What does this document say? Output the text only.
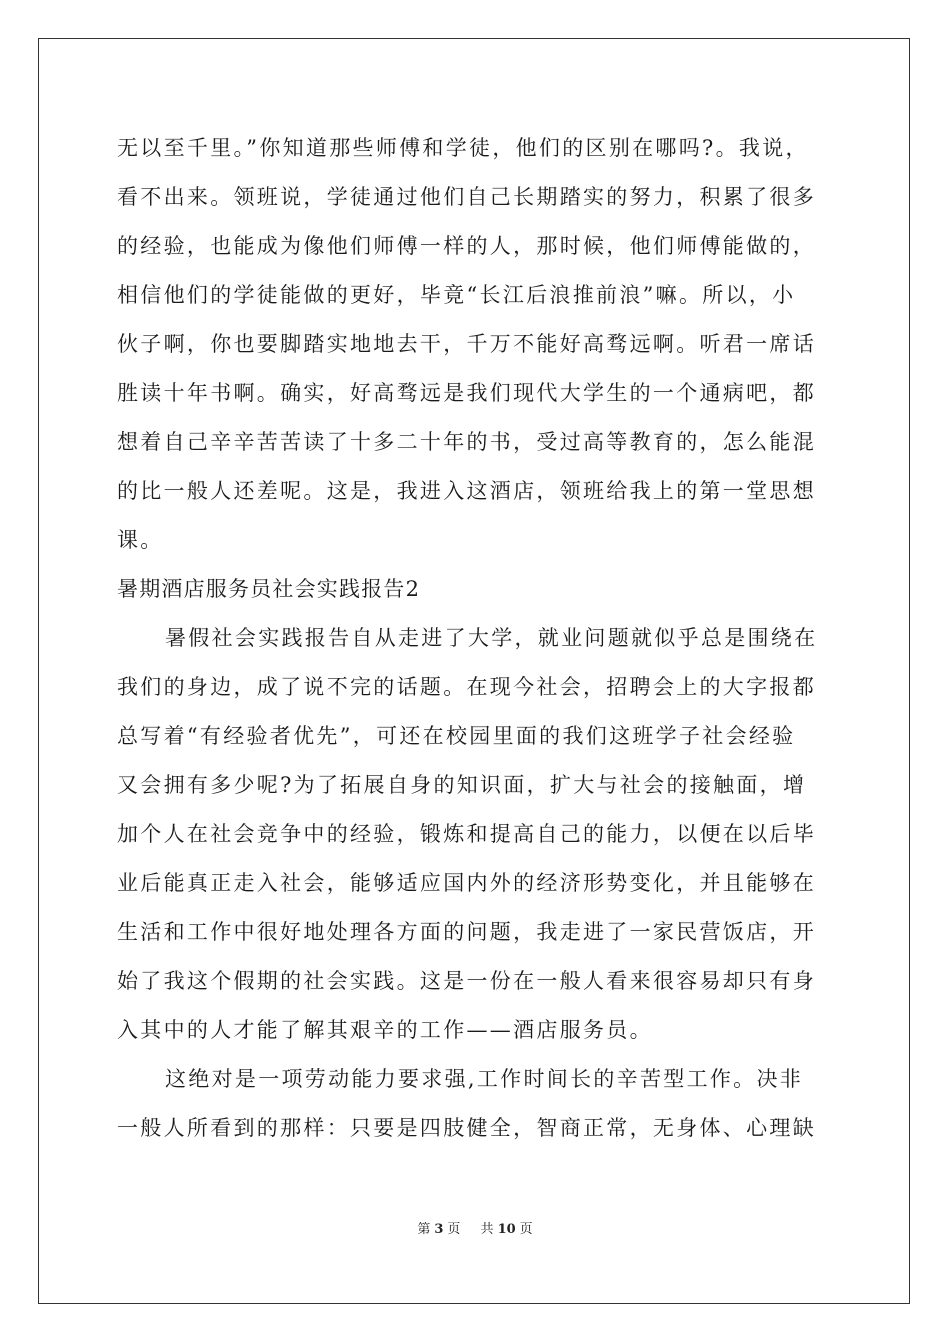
无以至千里。”你知道那些师傅和学徒，他们的区别在哪吗?。我说，
看不出来。领班说，学徒通过他们自己长期踏实的努力，积累了很多
的经验，也能成为像他们师傅一样的人，那时候，他们师傅能做的，
相信他们的学徒能做的更好，毕竟“长江后浪推前浪”嘛。所以，小
伙子啊，你也要脚踏实地地去干，千万不能好高骛远啊。听君一席话
胜读十年书啊。确实，好高骛远是我们现代大学生的一个通病吧，都
想着自己辛辛苦苦读了十多二十年的书，受过高等教育的，怎么能混
的比一般人还差呢。这是，我进入这酒店，领班给我上的第一堂思想
课。
暑期酒店服务员社会实践报告2
暑假社会实践报告自从走进了大学，就业问题就似乎总是围绕在
我们的身边，成了说不完的话题。在现今社会，招聘会上的大字报都
总写着“有经验者优先”，可还在校园里面的我们这班学子社会经验
又会拥有多少呢?为了拓展自身的知识面，扩大与社会的接触面，增
加个人在社会竞争中的经验，锻炼和提高自己的能力，以便在以后毕
业后能真正走入社会，能够适应国内外的经济形势变化，并且能够在
生活和工作中很好地处理各方面的问题，我走进了一家民营饭店，开
始了我这个假期的社会实践。这是一份在一般人看来很容易却只有身
入其中的人才能了解其艰辛的工作——酒店服务员。
这绝对是一项劳动能力要求强,工作时间长的辛苦型工作。决非
一般人所看到的那样：只要是四肢健全，智商正常，无身体、心理缺
第 3 页 共 10 页
